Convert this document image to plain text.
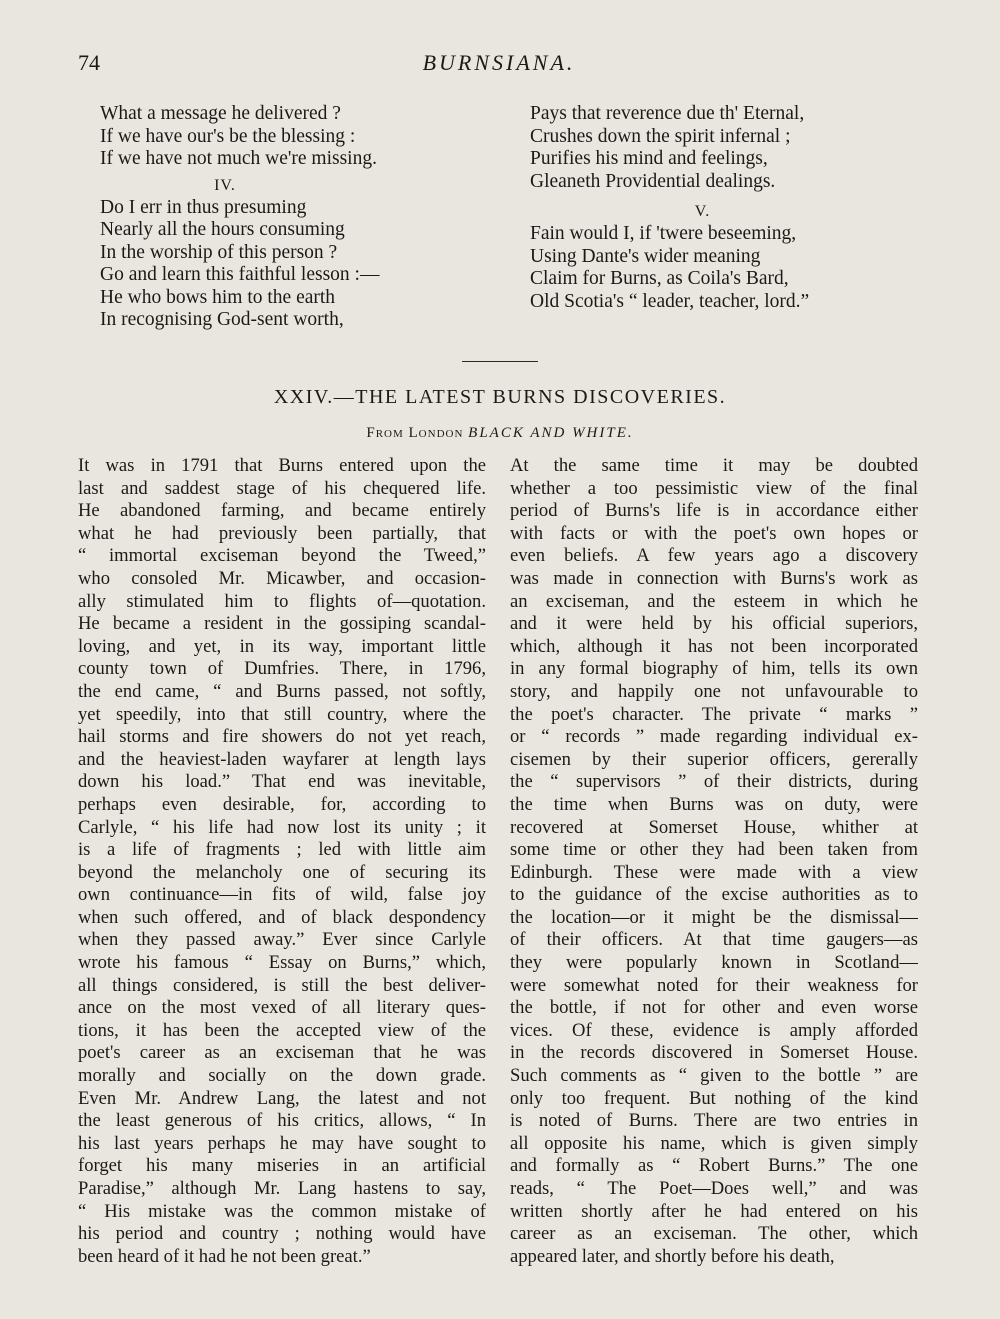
74	BURNSIANA.
What a message he delivered ?
If we have our's be the blessing :
If we have not much we're missing.
IV.
Do I err in thus presuming
Nearly all the hours consuming
In the worship of this person ?
Go and learn this faithful lesson :—
He who bows him to the earth
In recognising God-sent worth,
Pays that reverence due th' Eternal,
Crushes down the spirit infernal ;
Purifies his mind and feelings,
Gleaneth Providential dealings.
V.
Fain would I, if 'twere beseeming,
Using Dante's wider meaning
Claim for Burns, as Coila's Bard,
Old Scotia's “ leader, teacher, lord.”
XXIV.—THE LATEST BURNS DISCOVERIES.
From London BLACK AND WHITE.
It was in 1791 that Burns entered upon the
last and saddest stage of his chequered life.
He abandoned farming, and became entirely
what he had previously been partially, that
“ immortal exciseman beyond the Tweed,”
who consoled Mr. Micawber, and occasion-
ally stimulated him to flights of—quotation.
He became a resident in the gossiping scandal-
loving, and yet, in its way, important little
county town of Dumfries. There, in 1796,
the end came, “ and Burns passed, not softly,
yet speedily, into that still country, where the
hail storms and fire showers do not yet reach,
and the heaviest-laden wayfarer at length lays
down his load.” That end was inevitable,
perhaps even desirable, for, according to
Carlyle, “ his life had now lost its unity ; it
is a life of fragments ; led with little aim
beyond the melancholy one of securing its
own continuance—in fits of wild, false joy
when such offered, and of black despondency
when they passed away.” Ever since Carlyle
wrote his famous “ Essay on Burns,” which,
all things considered, is still the best deliver-
ance on the most vexed of all literary ques-
tions, it has been the accepted view of the
poet's career as an exciseman that he was
morally and socially on the down grade.
Even Mr. Andrew Lang, the latest and not
the least generous of his critics, allows, “ In
his last years perhaps he may have sought to
forget his many miseries in an artificial
Paradise,” although Mr. Lang hastens to say,
“ His mistake was the common mistake of
his period and country ; nothing would have
been heard of it had he not been great.”
At the same time it may be doubted
whether a too pessimistic view of the final
period of Burns's life is in accordance either
with facts or with the poet's own hopes or
even beliefs. A few years ago a discovery
was made in connection with Burns's work as
an exciseman, and the esteem in which he
and it were held by his official superiors,
which, although it has not been incorporated
in any formal biography of him, tells its own
story, and happily one not unfavourable to
the poet's character. The private “ marks ”
or “ records ” made regarding individual ex-
cisemen by their superior officers, gererally
the “ supervisors ” of their districts, during
the time when Burns was on duty, were
recovered at Somerset House, whither at
some time or other they had been taken from
Edinburgh. These were made with a view
to the guidance of the excise authorities as to
the location—or it might be the dismissal—
of their officers. At that time gaugers—as
they were popularly known in Scotland—
were somewhat noted for their weakness for
the bottle, if not for other and even worse
vices. Of these, evidence is amply afforded
in the records discovered in Somerset House.
Such comments as “ given to the bottle ” are
only too frequent. But nothing of the kind
is noted of Burns. There are two entries in
all opposite his name, which is given simply
and formally as “ Robert Burns.” The one
reads, “ The Poet—Does well,” and was
written shortly after he had entered on his
career as an exciseman. The other, which
appeared later, and shortly before his death,
